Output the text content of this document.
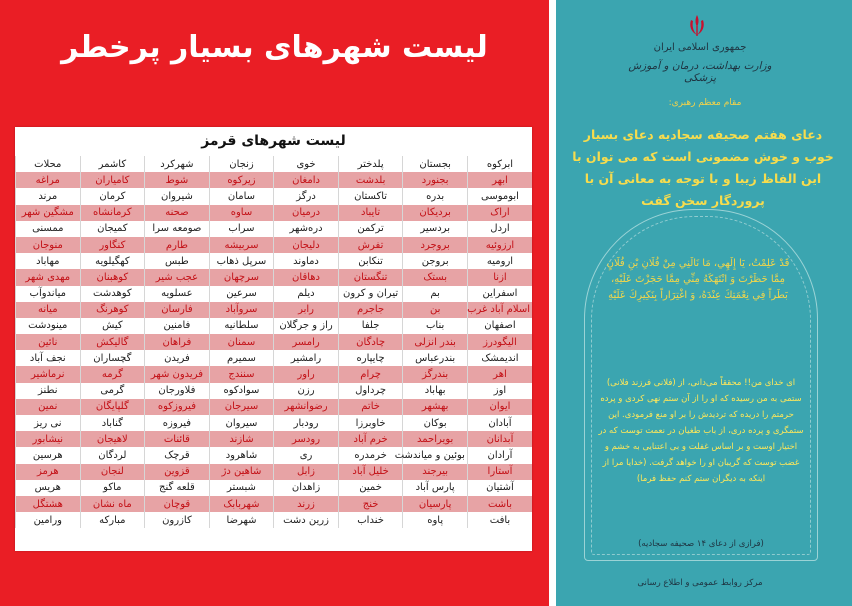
لیست شهرهای بسیار پرخطر
لیست شهرهای قرمز
ابرکوه	بجستان	پلدختر	خوی	زنجان	شهرکرد	کاشمر	محلات
ابهر	بجنورد	بلدشت	دامغان	زیرکوه	شوط	کامیاران	مراغه
ابوموسی	بدره	تاکستان	درگز	سامان	شیروان	کرمان	مرند
اراک	بردیکان	تایباد	درمیان	ساوه	صحنه	کرمانشاه	مشگین شهر
اردل	بردسیر	ترکمن	دره‌شهر	سراب	صومعه سرا	کمیجان	ممسنی
ارزوئیه	بروجرد	تفرش	دلیجان	سربیشه	طارم	کنگاور	منوجان
ارومیه	بروجن	تنکابن	دماوند	سرپل ذهاب	طبس	کهگیلویه	مهاباد
ازنا	بستک	تنگستان	دهاقان	سرچهان	عجب شیر	کوهبنان	مهدی شهر
اسفراین	بم	تیران و کرون	دیلم	سرعین	عسلویه	کوهدشت	میاندوآب
اسلام آباد غرب	بن	جاجرم	رابر	سروآباد	فارسان	کوهرنگ	میانه
اصفهان	بناب	جلفا	راز و جرگلان	سلطانیه	فامنین	کیش	مینودشت
الیگودرز	بندر انزلی	چادگان	رامسر	سمنان	فراهان	گالیکش	نائین
اندیمشک	بندرعباس	چایپاره	رامشیر	سمیرم	فریدن	گچساران	نجف آباد
اهر	بندرگز	چرام	راور	سنندج	فریدون شهر	گرمه	نرماشیر
اوز	بهاباد	چرداول	رزن	سوادکوه	فلاورجان	گرمی	نطنز
ایوان	بهشهر	خاتم	رضوانشهر	سیرجان	فیروزکوه	گلپایگان	نمین
آبادان	بوکان	خاوبرزا	رودبار	سیروان	فیروزه	گناباد	نی ریز
آبدانان	بویراحمد	خرم آباد	رودسر	شازند	قائنات	لاهیجان	نیشابور
آرادان	بوئین و میاندشت	خرمدره	ری	شاهرود	قرچک	لردگان	هرسین
آستارا	بیرجند	خلیل آباد	زابل	شاهین دژ	قزوین	لنجان	هرمز
آشتیان	پارس آباد	خمین	زاهدان	شبستر	قلعه گنج	ماکو	هریس
باشت	پارسیان	خنج	زرند	شهربابک	قوچان	ماه نشان	هشتگل
بافت	پاوه	خنداب	زرین دشت	شهرضا	کازرون	مبارکه	ورامین
جمهوری اسلامی ایران
وزارت بهداشت، درمان و آموزش پزشکی
مقام معظم رهبری:
دعای هفتم صحیفه سجادیه دعای بسیار خوب و خوش مضمونی است که می توان با این الفاظ زیبا و با توجه به معانی آن با پروردگار سخن گفت
قَدْ عَلِمْتُ، يَا إِلَهِي، مَا نَالَنِي مِنْ فُلَانِ بْنِ فُلَانٍ مِمَّا حَظَرْتَ وَ انْتَهَكَهُ مِنِّي مِمَّا حَجَزْتَ عَلَيْهِ، بَطَراً فِي نِعْمَتِكَ عِنْدَهُ، وَ اغْتِرَاراً بِنَكِيرِكَ عَلَيْهِ
ای خدای من!! محققاً می‌دانی، از (فلانی فرزند فلانی) ستمی به من رسیده که او را از آن ستم نهی کردی و پرده حرمتم را دریده که تردیدش را بر او منع فرمودی. این ستمگری و پرده دری، از باب طغیان در نعمت توست که در اختیار اوست و بر اساس غفلت و بی اعتنایی به خشم و غضب توست که گریبان او را خواهد گرفت. (خدایا مرا از اینکه به دیگران ستم کنم حفظ فرما)
(فرازی از دعای ۱۴ صحیفه سجادیه)
مرکز روابط عمومی و اطلاع رسانی
